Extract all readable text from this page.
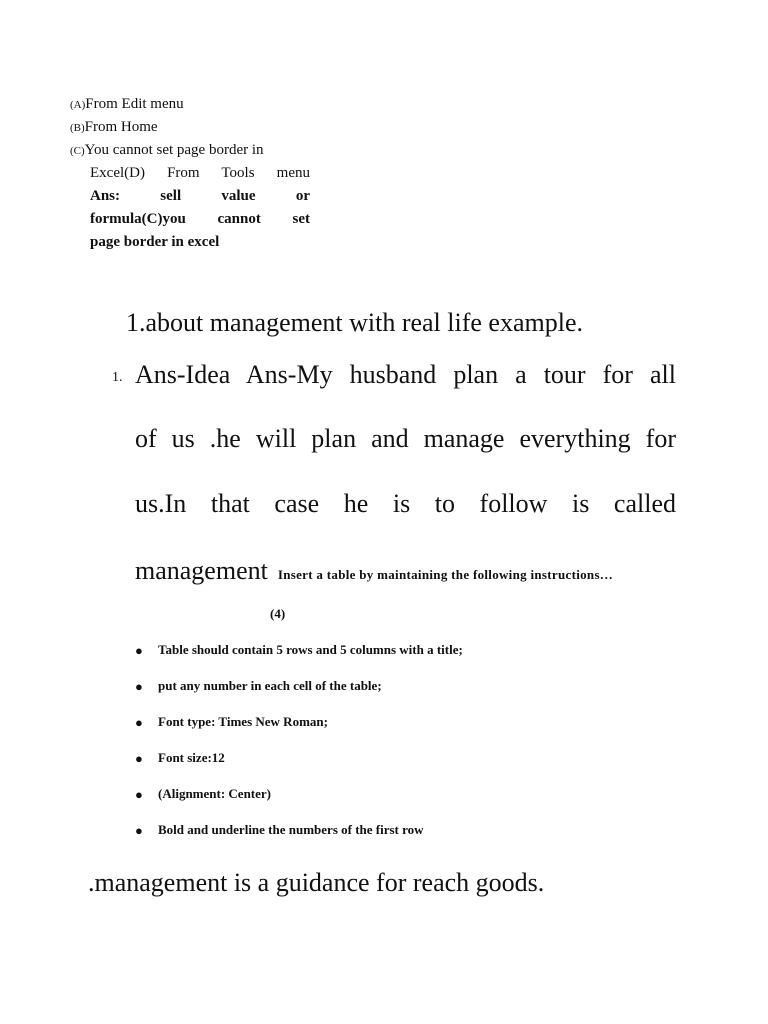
(A)From Edit menu
(B)From Home
(C)You cannot set page border in
Excel(D) From Tools menu
Ans: sell value or
formula(C)you cannot set
page border in excel
1.about management with real life example.
1. Ans-Idea Ans-My husband plan a tour for all
of us .he will plan and manage everything for
us.In that case he is to follow is called
management Insert a table by maintaining the following instructions…
(4)
● Table should contain 5 rows and 5 columns with a title;
● put any number in each cell of the table;
● Font type: Times New Roman;
● Font size:12
● (Alignment: Center)
● Bold and underline the numbers of the first row
.management is a guidance for reach goods.
